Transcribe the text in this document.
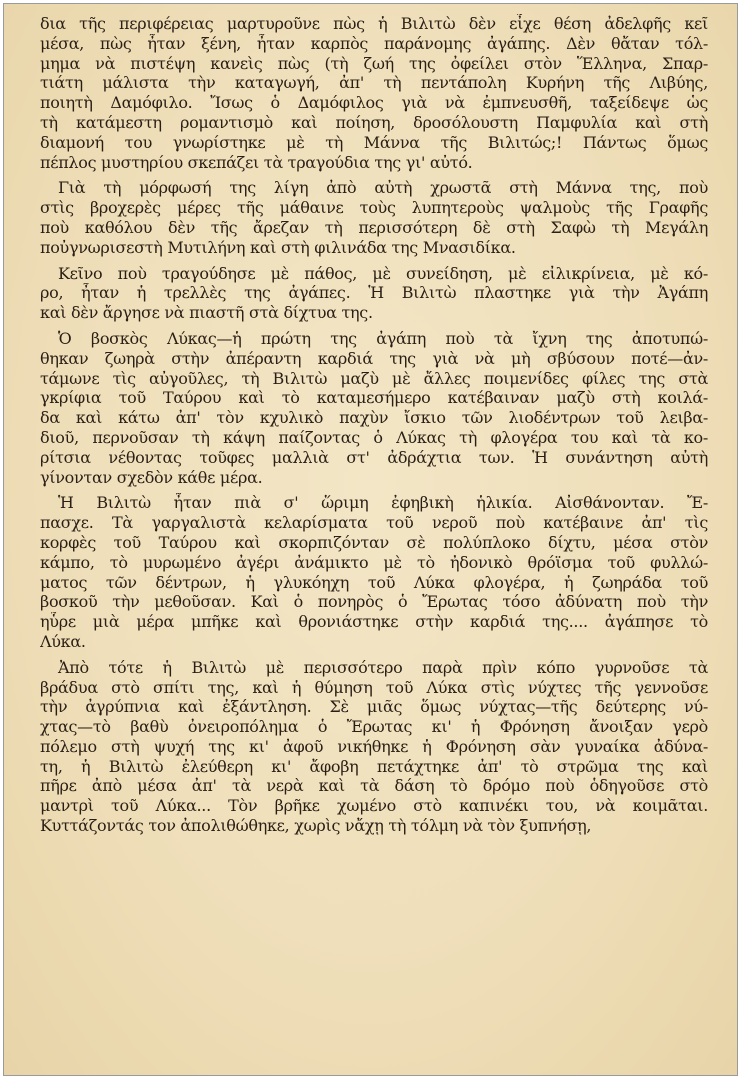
δια τῆς περιφέρειας μαρτυροῦνε πὼς ἡ Βιλιτὼ δὲν εἶχε θέση ἀδελφῆς κεῖ
μέσα, πὼς ἦταν ξένη, ἦταν καρπὸς παράνομης ἀγάπης. Δὲν θἄταν τόλ-
μημα νὰ πιστέψη κανεὶς πὼς (τὴ ζωή της ὀφείλει στὸν Ἕλληνα, Σπαρ-
τιάτη μάλιστα τὴν καταγωγή, ἀπ' τὴ πεντάπολη Κυρήνη τῆς Λιβύης,
ποιητὴ Δαμόφιλο. Ἴσως ὁ Δαμόφιλος γιὰ νὰ ἐμπνευσθῆ, ταξείδεψε ὡς
τὴ κατάμεστη ρομαντισμὸ καὶ ποίηση, δροσόλουστη Παμφυλία καὶ στὴ
διαμονή του γνωρίστηκε μὲ τὴ Μάννα τῆς Βιλιτώς;! Πάντως ὅμως
πέπλος μυστηρίου σκεπάζει τὰ τραγούδια της γι' αὐτό.
Γιὰ τὴ μόρφωσή της λίγη ἀπὸ αὐτὴ χρωστᾶ στὴ Μάννα της, ποὺ
στὶς βροχερὲς μέρες τῆς μάθαινε τοὺς λυπητεροὺς ψαλμοὺς τῆς Γραφῆς
ποὺ καθόλου δὲν τῆς ἄρεζαν τὴ περισσότερη δὲ στὴ Σαφὼ τὴ Μεγάλη
ποὐγνωρισεστὴ Μυτιλήνη καὶ στὴ φιλινάδα της Μνασιδίκα.
Κεῖνο ποὺ τραγούδησε μὲ πάθος, μὲ συνείδηση, μὲ εἰλικρίνεια, μὲ κό-
ρο, ἦταν ἡ τρελλὲς της ἀγάπες. Ἡ Βιλιτὼ πλαστηκε γιὰ τὴν Ἀγάπη
καὶ δὲν ἄργησε νὰ πιαστῆ στὰ δίχτυα της.
Ὁ βοσκὸς Λύκας—ἡ πρώτη της ἀγάπη ποὺ τὰ ἴχνη της ἀποτυπώ-
θηκαν ζωηρὰ στὴν ἀπέραντη καρδιά της γιὰ νὰ μὴ σβύσουν ποτέ—ἀν-
τάμωνε τὶς αὐγοῦλες, τὴ Βιλιτὼ μαζὺ μὲ ἄλλες ποιμενίδες φίλες της στὰ
γκρίφια τοῦ Ταύρου καὶ τὸ καταμεσήμερο κατέβαιναν μαζὺ στὴ κοιλά-
δα καὶ κάτω ἀπ' τὸν κχυλικὸ παχὺν ἴσκιο τῶν λιοδέντρων τοῦ λειβα-
διοῦ, περνοῦσαν τὴ κάψη παίζοντας ὁ Λύκας τὴ φλογέρα του καὶ τὰ κο-
ρίτσια νέθοντας τοῦφες μαλλιὰ στ' ἀδράχτια των. Ἡ συνάντηση αὐτὴ
γίνονταν σχεδὸν κάθε μέρα.
Ἡ Βιλιτὼ ἦταν πιὰ σ' ὥριμη ἐφηβικὴ ἡλικία. Αἰσθάνονταν. Ἔ-
πασχε. Τὰ γαργαλιστὰ κελαρίσματα τοῦ νεροῦ ποὺ κατέβαινε ἀπ' τὶς
κορφὲς τοῦ Ταύρου καὶ σκορπιζόνταν σὲ πολύπλοκο δίχτυ, μέσα στὸν
κάμπο, τὸ μυρωμένο ἀγέρι ἀνάμικτο μὲ τὸ ἠδονικὸ θρόϊσμα τοῦ φυλλώ-
ματος τῶν δέντρων, ἡ γλυκόηχη τοῦ Λύκα φλογέρα, ἡ ζωηράδα τοῦ
βοσκοῦ τὴν μεθοῦσαν. Καὶ ὁ πονηρὸς ὁ Ἔρωτας τόσο ἀδύνατη ποὺ τὴν
ηὗρε μιὰ μέρα μπῆκε καὶ θρονιάστηκε στὴν καρδιά της.... ἀγάπησε τὸ
Λύκα.
Ἀπὸ τότε ἡ Βιλιτὼ μὲ περισσότερο παρὰ πρὶν κόπο γυρνοῦσε τὰ
βράδυα στὸ σπίτι της, καὶ ἡ θύμηση τοῦ Λύκα στὶς νύχτες τῆς γεννοῦσε
τὴν ἀγρύπνια καὶ ἐξάντληση. Σὲ μιᾶς ὅμως νύχτας—τῆς δεύτερης νύ-
χτας—τὸ βαθὺ ὀνειροπόλημα ὁ Ἔρωτας κι' ἡ Φρόνηση ἄνοιξαν γερὸ
πόλεμο στὴ ψυχή της κι' ἀφοῦ νικήθηκε ἡ Φρόνηση σὰν γυναίκα ἀδύνα-
τη, ἡ Βιλιτὼ ἐλεύθερη κι' ἄφοβη πετάχτηκε ἀπ' τὸ στρῶμα της καὶ
πῆρε ἀπὸ μέσα ἀπ' τὰ νερὰ καὶ τὰ δάση τὸ δρόμο ποὺ ὁδηγοῦσε στὸ
μαντρὶ τοῦ Λύκα... Τὸν βρῆκε χωμένο στὸ καπινέκι του, νὰ κοιμᾶται.
Κυττάζοντάς τον ἀπολιθώθηκε, χωρὶς νἄχῃ τὴ τόλμη νὰ τὸν ξυπνήσῃ,
